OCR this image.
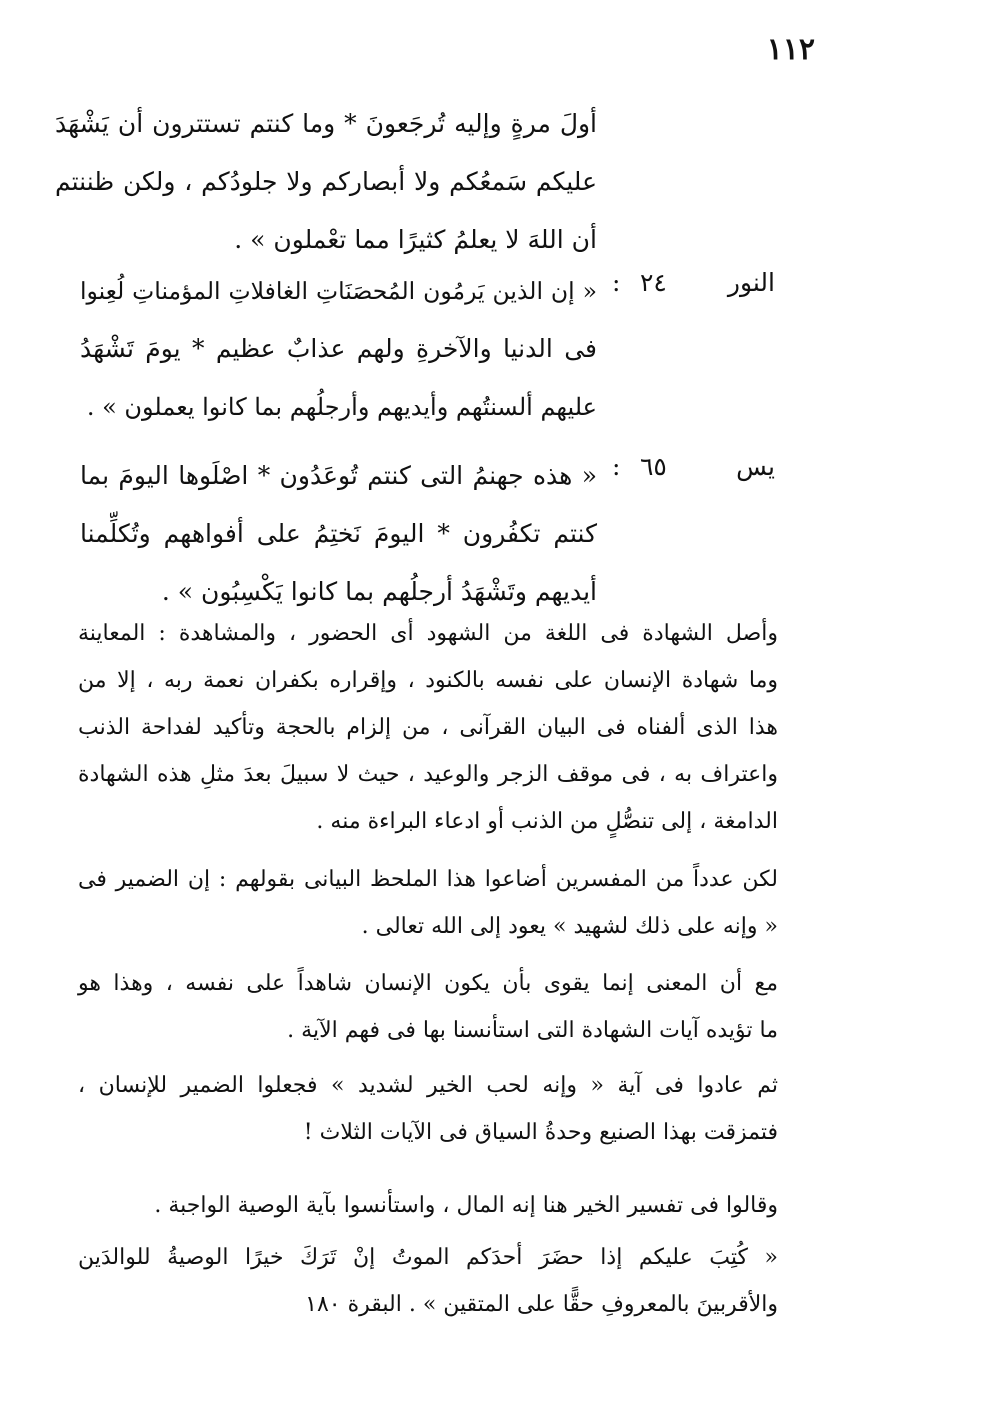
١١٢
أولَ مرةٍ وإليه تُرجَعونَ * وما كنتم تستترون أن يَشْهَدَ
عليكم سَمعُكم ولا أبصاركم ولا جلودُكم ، ولكن ظننتم
أن اللهَ لا يعلمُ كثيرًا مما تعْملون » .
النور
٢٤
:
« إن الذين يَرمُون المُحصَنَاتِ الغافلاتِ المؤمناتِ لُعِنوا
فى الدنيا والآخرةِ ولهم عذابٌ عظيم * يومَ تَشْهَدُ
عليهم ألسنتُهم وأيديهم وأرجلُهم بما كانوا يعملون » .
يس
٦٥
:
« هذه جهنمُ التى كنتم تُوعَدُون * اصْلَوها اليومَ بما
كنتم تكفُرون * اليومَ نَختِمُ على أفواههم وتُكلِّمنا
أيديهم وتَشْهَدُ أرجلُهم بما كانوا يَكْسِبُون » .
وأصل الشهادة فى اللغة من الشهود أى الحضور ، والمشاهدة : المعاينة
وما شهادة الإنسان على نفسه بالكنود ، وإقراره بكفران نعمة ربه ، إلا من
هذا الذى ألفناه فى البيان القرآنى ، من إلزام بالحجة وتأكيد لفداحة الذنب
واعتراف به ، فى موقف الزجر والوعيد ، حيث لا سبيلَ بعدَ مثلِ هذه الشهادة
الدامغة ، إلى تنصُّلٍ من الذنب أو ادعاء البراءة منه .
لكن عدداً من المفسرين أضاعوا هذا الملحظ البيانى بقولهم : إن الضمير فى
« وإنه على ذلك لشهيد » يعود إلى الله تعالى .
مع أن المعنى إنما يقوى بأن يكون الإنسان شاهداً على نفسه ، وهذا هو
ما تؤيده آيات الشهادة التى استأنسنا بها فى فهم الآية .
ثم عادوا فى آية « وإنه لحب الخير لشديد » فجعلوا الضمير للإنسان ،
فتمزقت بهذا الصنيع وحدةُ السياق فى الآيات الثلاث !
وقالوا فى تفسير الخير هنا إنه المال ، واستأنسوا بآية الوصية الواجبة .
« كُتِبَ عليكم إذا حضَرَ أحدَكم الموتُ إنْ تَرَكَ خيرًا الوصيةُ للوالدَين
والأقربينَ بالمعروفِ حقًّا على المتقين » . البقرة ١٨٠
